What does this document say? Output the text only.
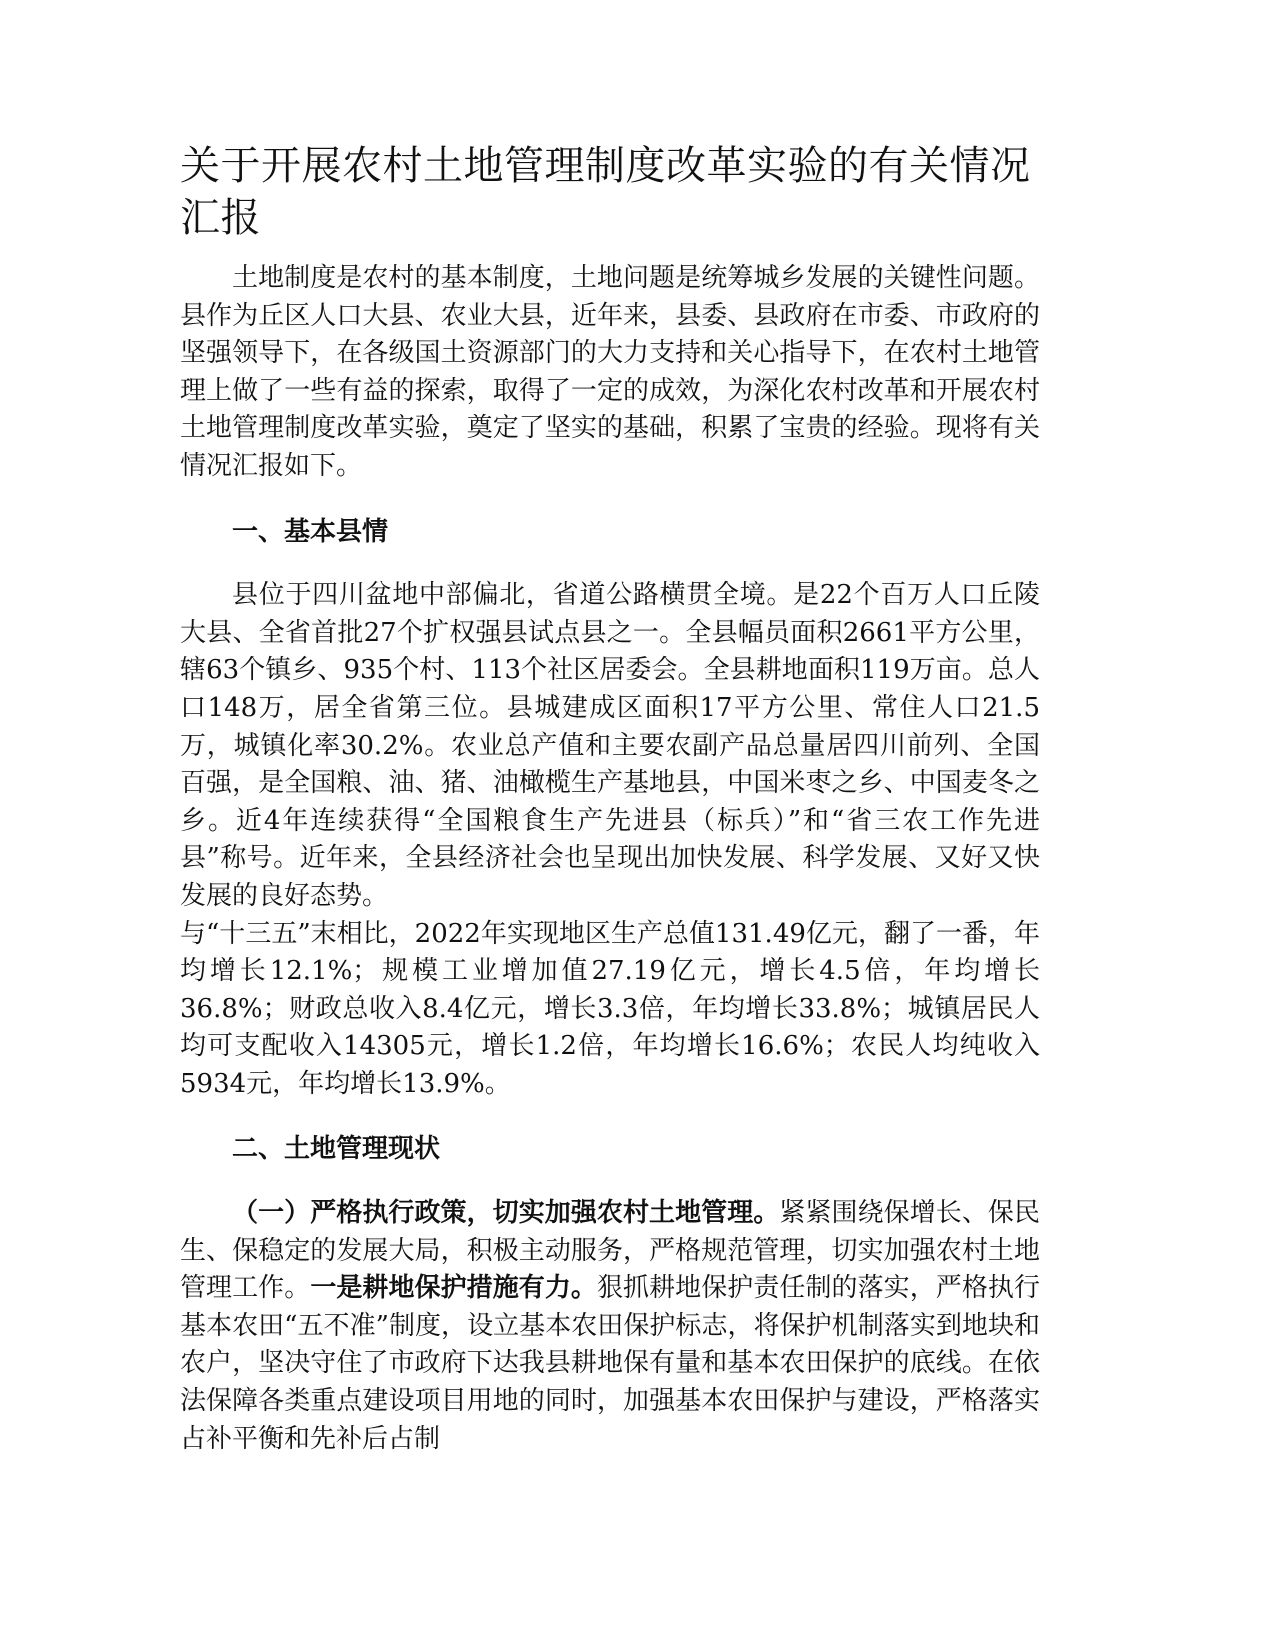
关于开展农村土地管理制度改革实验的有关情况汇报

土地制度是农村的基本制度，土地问题是统筹城乡发展的关键性问题。县作为丘区人口大县、农业大县，近年来，县委、县政府在市委、市政府的坚强领导下，在各级国土资源部门的大力支持和关心指导下，在农村土地管理上做了一些有益的探索，取得了一定的成效，为深化农村改革和开展农村土地管理制度改革实验，奠定了坚实的基础，积累了宝贵的经验。现将有关情况汇报如下。

一、基本县情

县位于四川盆地中部偏北，省道公路横贯全境。是22个百万人口丘陵大县、全省首批27个扩权强县试点县之一。全县幅员面积2661平方公里，辖63个镇乡、935个村、113个社区居委会。全县耕地面积119万亩。总人口148万，居全省第三位。县城建成区面积17平方公里、常住人口21.5万，城镇化率30.2%。农业总产值和主要农副产品总量居四川前列、全国百强，是全国粮、油、猪、油橄榄生产基地县，中国米枣之乡、中国麦冬之乡。近4年连续获得“全国粮食生产先进县（标兵）”和“省三农工作先进县”称号。近年来，全县经济社会也呈现出加快发展、科学发展、又好又快发展的良好态势。

与“十三五”末相比，2022年实现地区生产总值131.49亿元，翻了一番，年均增长12.1%；规模工业增加值27.19亿元，增长4.5倍，年均增长36.8%；财政总收入8.4亿元，增长3.3倍，年均增长33.8%；城镇居民人均可支配收入14305元，增长1.2倍，年均增长16.6%；农民人均纯收入5934元，年均增长13.9%。

二、土地管理现状

（一）严格执行政策，切实加强农村土地管理。紧紧围绕保增长、保民生、保稳定的发展大局，积极主动服务，严格规范管理，切实加强农村土地管理工作。一是耕地保护措施有力。狠抓耕地保护责任制的落实，严格执行基本农田“五不准”制度，设立基本农田保护标志，将保护机制落实到地块和农户，坚决守住了市政府下达我县耕地保有量和基本农田保护的底线。在依法保障各类重点建设项目用地的同时，加强基本农田保护与建设，严格落实占补平衡和先补后占制
